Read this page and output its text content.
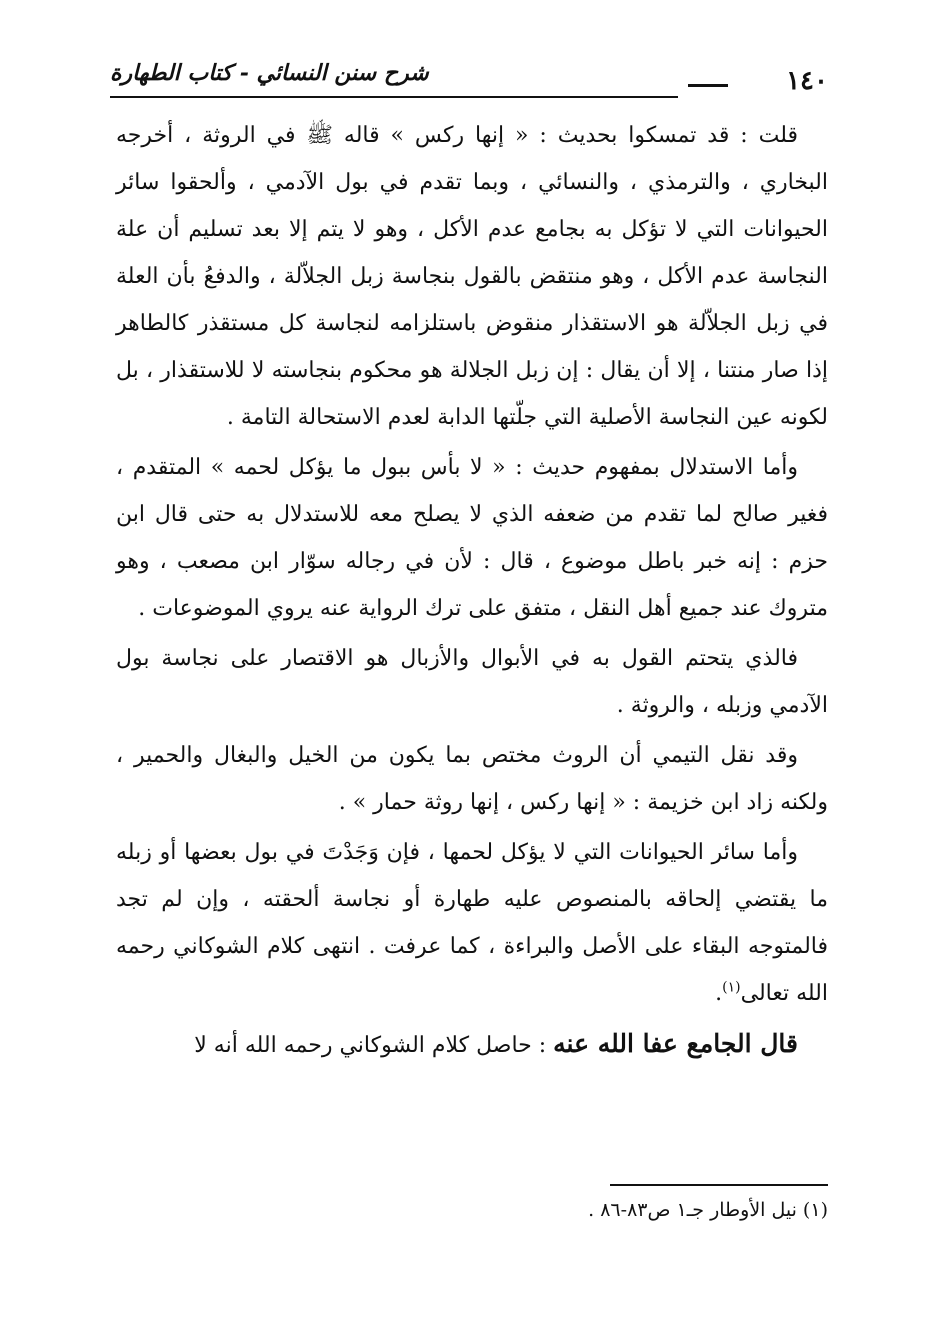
١٤٠
شرح سنن النسائي - كتاب الطهارة

قلت : قد تمسكوا بحديث : « إنها ركس » قاله ﷺ في الروثة ، أخرجه البخاري ، والترمذي ، والنسائي ، وبما تقدم في بول الآدمي ، وألحقوا سائر الحيوانات التي لا تؤكل به بجامع عدم الأكل ، وهو لا يتم إلا بعد تسليم أن علة النجاسة عدم الأكل ، وهو منتقض بالقول بنجاسة زبل الجلاّلة ، والدفعُ بأن العلة في زبل الجلاّلة هو الاستقذار منقوض باستلزامه لنجاسة كل مستقذر كالطاهر إذا صار منتنا ، إلا أن يقال : إن زبل الجلالة هو محكوم بنجاسته لا للاستقذار ، بل لكونه عين النجاسة الأصلية التي جلّتها الدابة لعدم الاستحالة التامة .

وأما الاستدلال بمفهوم حديث : « لا بأس ببول ما يؤكل لحمه » المتقدم ، فغير صالح لما تقدم من ضعفه الذي لا يصلح معه للاستدلال به حتى قال ابن حزم : إنه خبر باطل موضوع ، قال : لأن في رجاله سوّار ابن مصعب ، وهو متروك عند جميع أهل النقل ، متفق على ترك الرواية عنه يروي الموضوعات .

فالذي يتحتم القول به في الأبوال والأزبال هو الاقتصار على نجاسة بول الآدمي وزبله ، والروثة .

وقد نقل التيمي أن الروث مختص بما يكون من الخيل والبغال والحمير ، ولكنه زاد ابن خزيمة : « إنها ركس ، إنها روثة حمار » .

وأما سائر الحيوانات التي لا يؤكل لحمها ، فإن وَجَدْتَ في بول بعضها أو زبله ما يقتضي إلحاقه بالمنصوص عليه طهارة أو نجاسة ألحقته ، وإن لم تجد فالمتوجه البقاء على الأصل والبراءة ، كما عرفت . انتهى كلام الشوكاني رحمه الله تعالى$^{(١)}$.

قال الجامع عفا الله عنه : حاصل كلام الشوكاني رحمه الله أنه لا

(١) نيل الأوطار جـ١ ص٨٣-٨٦ .
